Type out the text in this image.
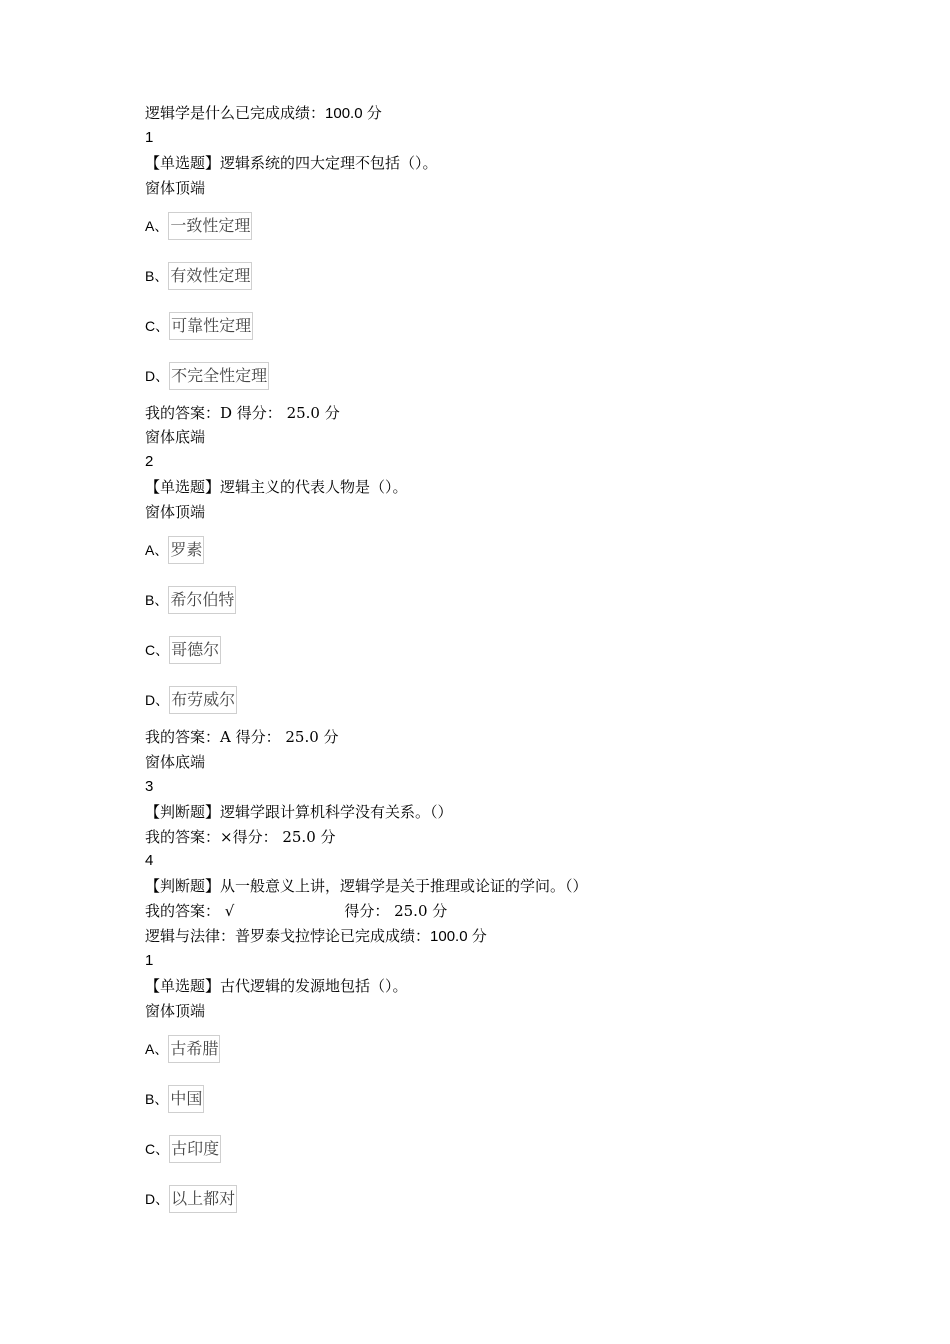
逻辑学是什么已完成成绩：100.0 分
1
【单选题】逻辑系统的四大定理不包括（）。
窗体顶端
A、 一致性定理
B、 有效性定理
C、 可靠性定理
D、 不完全性定理
我的答案：D 得分： 25.0 分
窗体底端
2
【单选题】逻辑主义的代表人物是（）。
窗体顶端
A、 罗素
B、 希尔伯特
C、 哥德尔
D、 布劳威尔
我的答案：A 得分： 25.0 分
窗体底端
3
【判断题】逻辑学跟计算机科学没有关系。（）
我的答案：×得分： 25.0 分
4
【判断题】从一般意义上讲，逻辑学是关于推理或论证的学问。（）
我的答案： √	得分： 25.0 分
逻辑与法律：普罗泰戈拉悖论已完成成绩：100.0 分
1
【单选题】古代逻辑的发源地包括（）。
窗体顶端
A、 古希腊
B、 中国
C、 古印度
D、 以上都对
